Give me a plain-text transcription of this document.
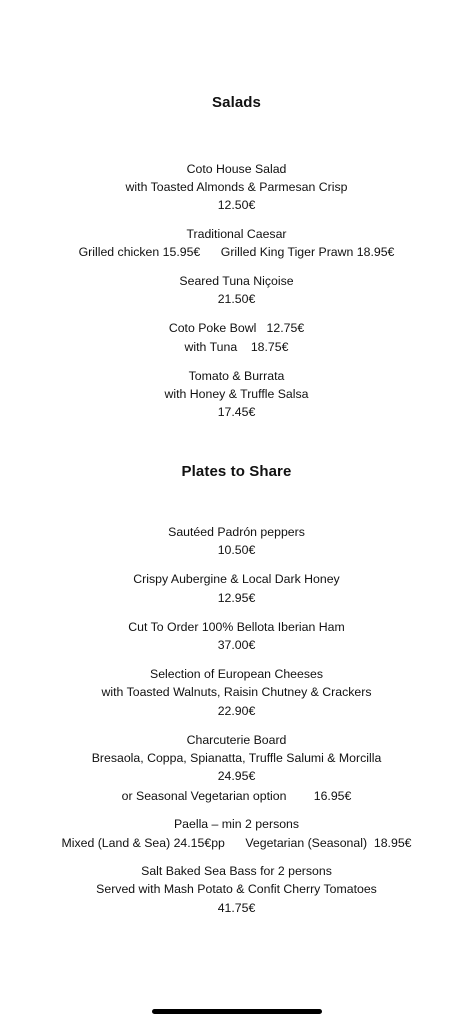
Salads
Coto House Salad
with Toasted Almonds & Parmesan Crisp
12.50€
Traditional Caesar
Grilled chicken 15.95€      Grilled King Tiger Prawn 18.95€
Seared Tuna Niçoise
21.50€
Coto Poke Bowl   12.75€
with Tuna    18.75€
Tomato & Burrata
with Honey & Truffle Salsa
17.45€
Plates to Share
Sautéed Padrón peppers
10.50€
Crispy Aubergine & Local Dark Honey
12.95€
Cut To Order 100% Bellota Iberian Ham
37.00€
Selection of European Cheeses
with Toasted Walnuts, Raisin Chutney & Crackers
22.90€
Charcuterie Board
Bresaola, Coppa, Spianatta, Truffle Salumi & Morcilla
24.95€
or Seasonal Vegetarian option        16.95€
Paella – min 2 persons
Mixed (Land & Sea) 24.15€pp      Vegetarian (Seasonal)  18.95€
Salt Baked Sea Bass for 2 persons
Served with Mash Potato & Confit Cherry Tomatoes
41.75€
